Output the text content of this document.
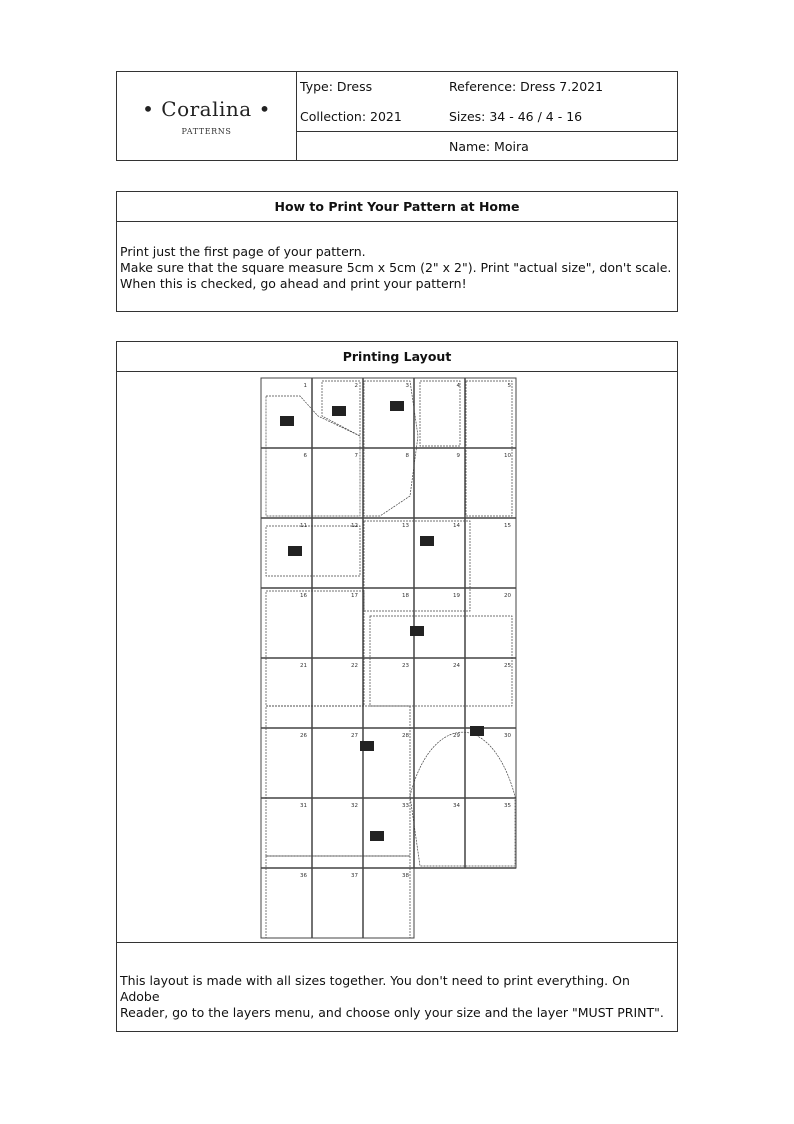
• Coralina •
PATTERNS
Type: Dress	Reference: Dress 7.2021
Collection: 2021	Sizes: 34 - 46 / 4 - 16
Name: Moira
How to Print Your Pattern at Home
Print just the first page of your pattern.
Make sure that the square measure 5cm x 5cm (2" x 2"). Print "actual size", don't scale.
When this is checked, go ahead and print your pattern!
Printing Layout
1	2	3	4	5
6	7	8	9	10
11	12	13	14	15
16	17	18	19	20
21	22	23	24	25
26	27	28	29	30
31	32	33	34	35
36	37	38
This layout is made with all sizes together. You don't need to print everything. On Adobe
Reader, go to the layers menu, and choose only your size and the layer "MUST PRINT".
